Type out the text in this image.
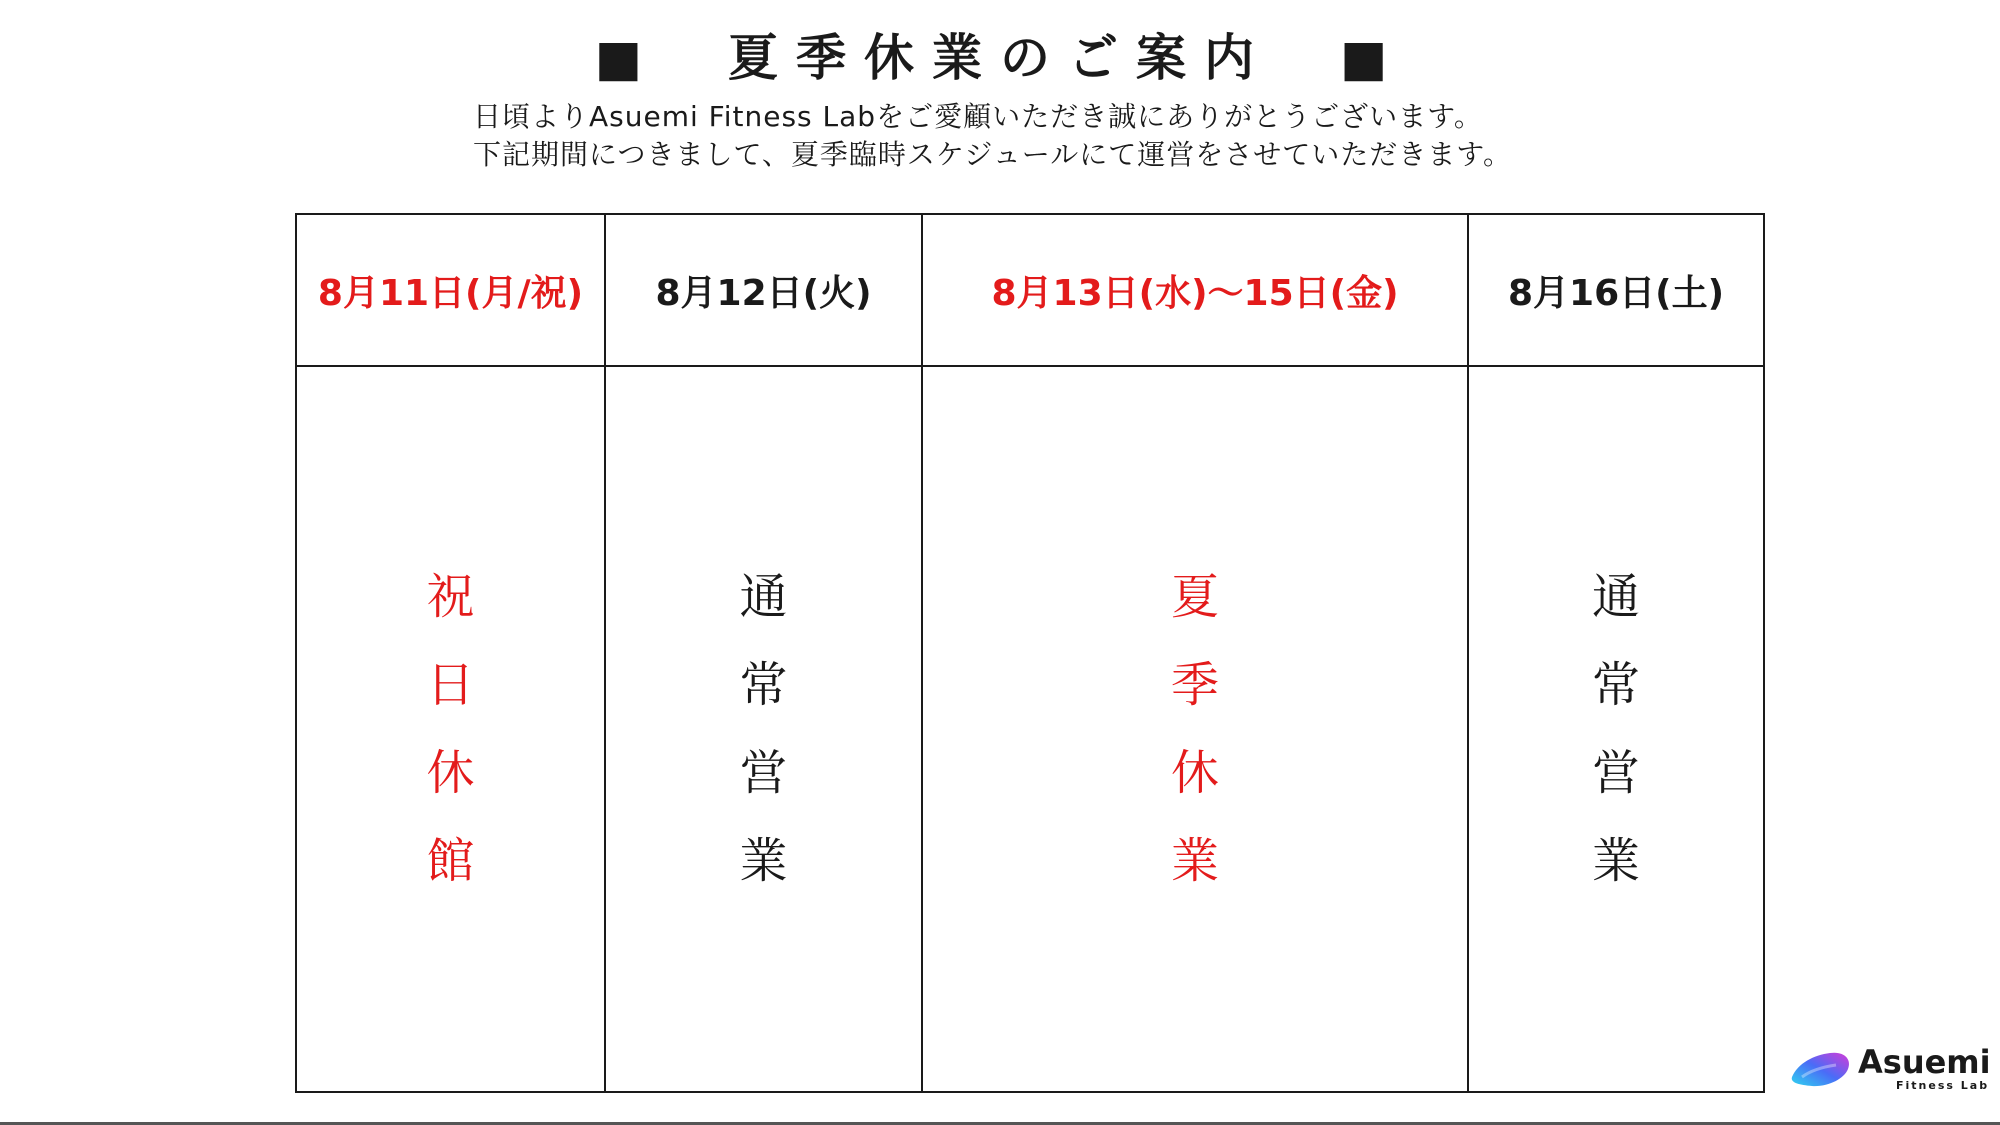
■　夏季休業のご案内　■
日頃よりAsuemi Fitness Labをご愛顧いただき誠にありがとうございます。
下記期間につきまして、夏季臨時スケジュールにて運営をさせていただきます。
8月11日(月/祝)	8月12日(火)	8月13日(水)〜15日(金)	8月16日(土)
祝日休館	通常営業	夏季休業	通常営業
Asuemi
Fitness Lab
